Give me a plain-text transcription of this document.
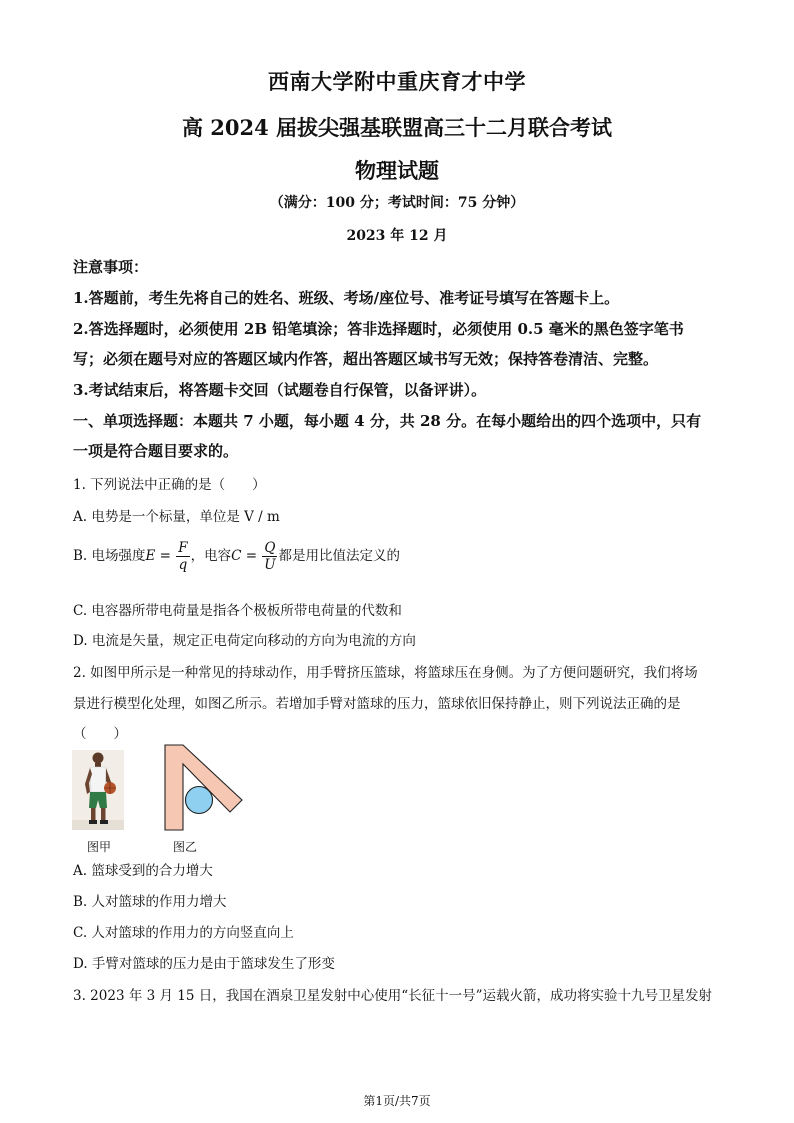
西南大学附中重庆育才中学
高 2024 届拔尖强基联盟高三十二月联合考试
物理试题
（满分：100 分；考试时间：75 分钟）
2023 年 12 月
注意事项：
1.答题前，考生先将自己的姓名、班级、考场/座位号、准考证号填写在答题卡上。
2.答选择题时，必须使用 2B 铅笔填涂；答非选择题时，必须使用 0.5 毫米的黑色签字笔书
写；必须在题号对应的答题区域内作答，超出答题区域书写无效；保持答卷清洁、完整。
3.考试结束后，将答题卡交回（试题卷自行保管，以备评讲）。
一、单项选择题：本题共 7 小题，每小题 4 分，共 28 分。在每小题给出的四个选项中，只有
一项是符合题目要求的。
1. 下列说法中正确的是（　　）
A. 电势是一个标量，单位是 V / m
B. 电场强度$E = \frac{F}{q}$ ，电容$C = \frac{Q}{U}$ 都是用比值法定义的
C. 电容器所带电荷量是指各个极板所带电荷量的代数和
D. 电流是矢量，规定正电荷定向移动的方向为电流的方向
2. 如图甲所示是一种常见的持球动作，用手臂挤压篮球，将篮球压在身侧。为了方便问题研究，我们将场
景进行模型化处理，如图乙所示。若增加手臂对篮球的压力，篮球依旧保持静止，则下列说法正确的是
（　　）
图甲	图乙
A. 篮球受到的合力增大
B. 人对篮球的作用力增大
C. 人对篮球的作用力的方向竖直向上
D. 手臂对篮球的压力是由于篮球发生了形变
3. 2023 年 3 月 15 日，我国在酒泉卫星发射中心使用“长征十一号”运载火箭，成功将实验十九号卫星发射
第1页/共7页
